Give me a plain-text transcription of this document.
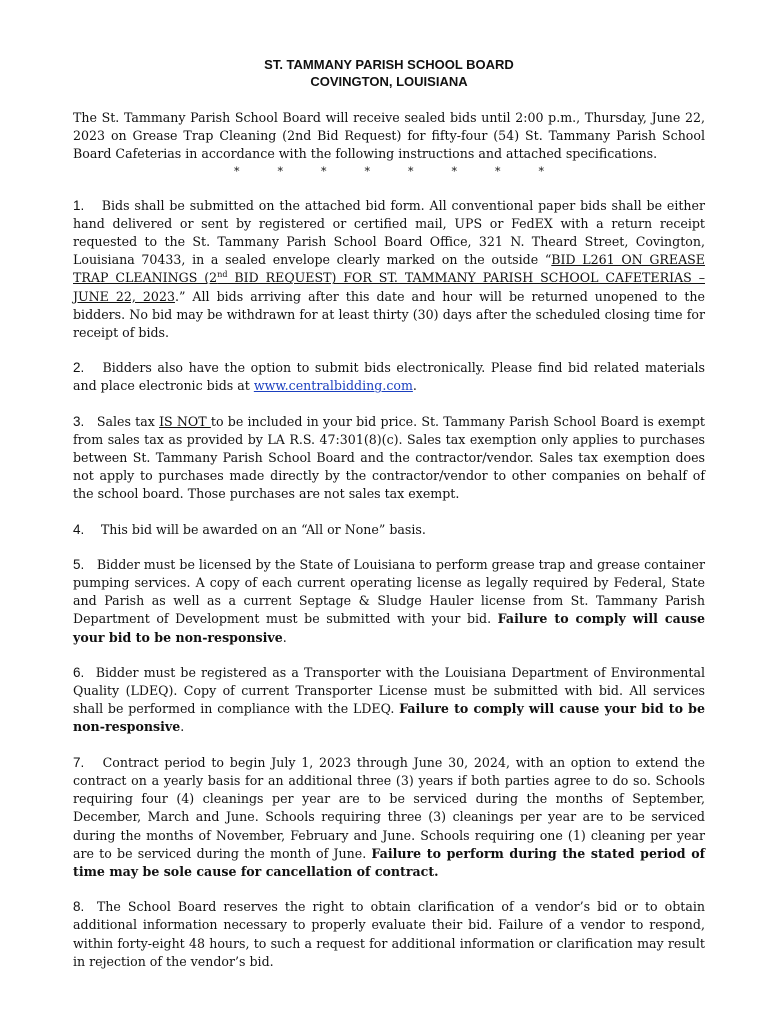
ST. TAMMANY PARISH SCHOOL BOARD
COVINGTON, LOUISIANA
The St. Tammany Parish School Board will receive sealed bids until 2:00 p.m., Thursday, June 22, 2023 on Grease Trap Cleaning (2nd Bid Request) for fifty-four (54) St. Tammany Parish School Board Cafeterias in accordance with the following instructions and attached specifications.
*	*	*	*	*	*	*	*
1.  Bids shall be submitted on the attached bid form. All conventional paper bids shall be either hand delivered or sent by registered or certified mail, UPS or FedEX with a return receipt requested to the St. Tammany Parish School Board Office, 321 N. Theard Street, Covington, Louisiana 70433, in a sealed envelope clearly marked on the outside “BID L261 ON GREASE TRAP CLEANINGS (2nd BID REQUEST) FOR ST. TAMMANY PARISH SCHOOL CAFETERIAS – JUNE 22, 2023.” All bids arriving after this date and hour will be returned unopened to the bidders. No bid may be withdrawn for at least thirty (30) days after the scheduled closing time for receipt of bids.
2.  Bidders also have the option to submit bids electronically. Please find bid related materials and place electronic bids at www.centralbidding.com.
3.  Sales tax IS NOT to be included in your bid price. St. Tammany Parish School Board is exempt from sales tax as provided by LA R.S. 47:301(8)(c). Sales tax exemption only applies to purchases between St. Tammany Parish School Board and the contractor/vendor. Sales tax exemption does not apply to purchases made directly by the contractor/vendor to other companies on behalf of the school board. Those purchases are not sales tax exempt.
4.  This bid will be awarded on an “All or None” basis.
5.  Bidder must be licensed by the State of Louisiana to perform grease trap and grease container pumping services. A copy of each current operating license as legally required by Federal, State and Parish as well as a current Septage & Sludge Hauler license from St. Tammany Parish Department of Development must be submitted with your bid. Failure to comply will cause your bid to be non-responsive.
6.  Bidder must be registered as a Transporter with the Louisiana Department of Environmental Quality (LDEQ). Copy of current Transporter License must be submitted with bid. All services shall be performed in compliance with the LDEQ. Failure to comply will cause your bid to be non-responsive.
7.  Contract period to begin July 1, 2023 through June 30, 2024, with an option to extend the contract on a yearly basis for an additional three (3) years if both parties agree to do so. Schools requiring four (4) cleanings per year are to be serviced during the months of September, December, March and June. Schools requiring three (3) cleanings per year are to be serviced during the months of November, February and June. Schools requiring one (1) cleaning per year are to be serviced during the month of June. Failure to perform during the stated period of time may be sole cause for cancellation of contract.
8.  The School Board reserves the right to obtain clarification of a vendor’s bid or to obtain additional information necessary to properly evaluate their bid. Failure of a vendor to respond, within forty-eight 48 hours, to such a request for additional information or clarification may result in rejection of the vendor’s bid.
